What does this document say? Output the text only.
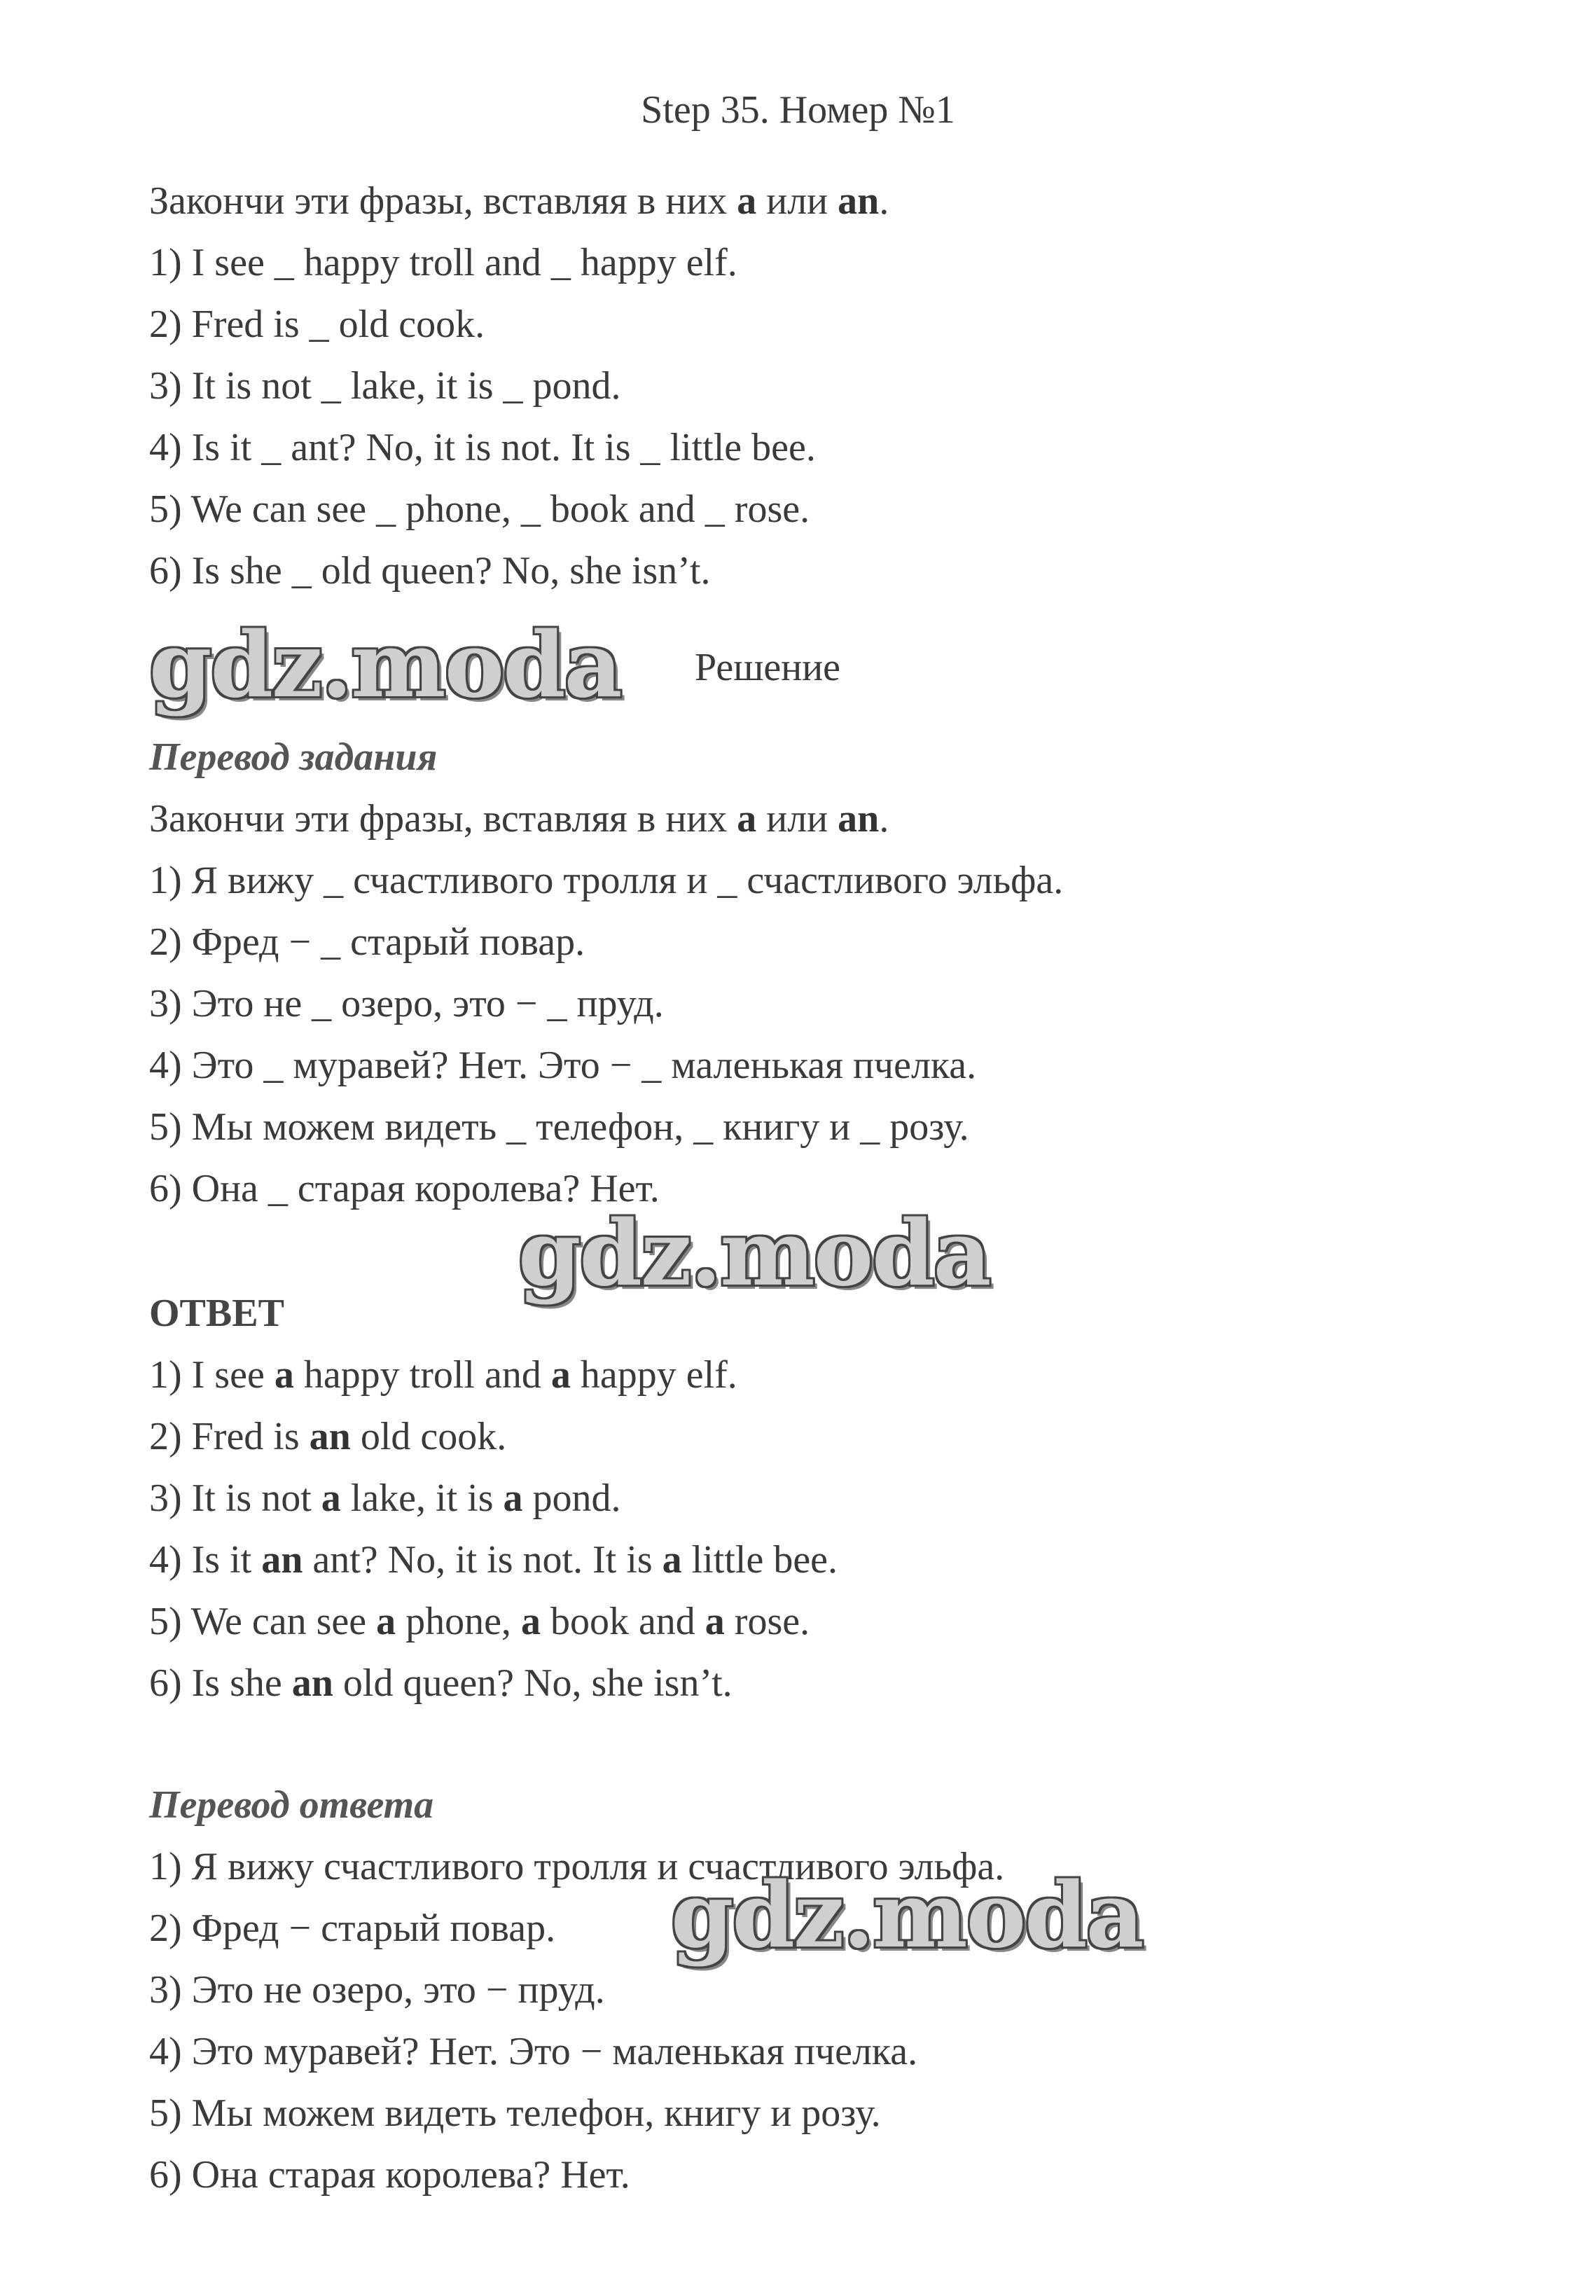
Step 35. Номер №1
Закончи эти фразы, вставляя в них a или an.
1) I see _ happy troll and _ happy elf.
2) Fred is _ old cook.
3) It is not _ lake, it is _ pond.
4) Is it _ ant? No, it is not. It is _ little bee.
5) We can see _ phone, _ book and _ rose.
6) Is she _ old queen? No, she isn’t.
gdz.moda Решение
Перевод задания
Закончи эти фразы, вставляя в них a или an.
1) Я вижу _ счастливого тролля и _ счастливого эльфа.
2) Фред − _ старый повар.
3) Это не _ озеро, это − _ пруд.
4) Это _ муравей? Нет. Это − _ маленькая пчелка.
5) Мы можем видеть _ телефон, _ книгу и _ розу.
6) Она _ старая королева? Нет.
gdz.moda
ОТВЕТ
1) I see a happy troll and a happy elf.
2) Fred is an old cook.
3) It is not a lake, it is a pond.
4) Is it an ant? No, it is not. It is a little bee.
5) We can see a phone, a book and a rose.
6) Is she an old queen? No, she isn’t.
Перевод ответа
1) Я вижу счастливого тролля и счастливого эльфа.
2) Фред − старый повар.
3) Это не озеро, это − пруд.
4) Это муравей? Нет. Это − маленькая пчелка.
5) Мы можем видеть телефон, книгу и розу.
6) Она старая королева? Нет.
gdz.moda
